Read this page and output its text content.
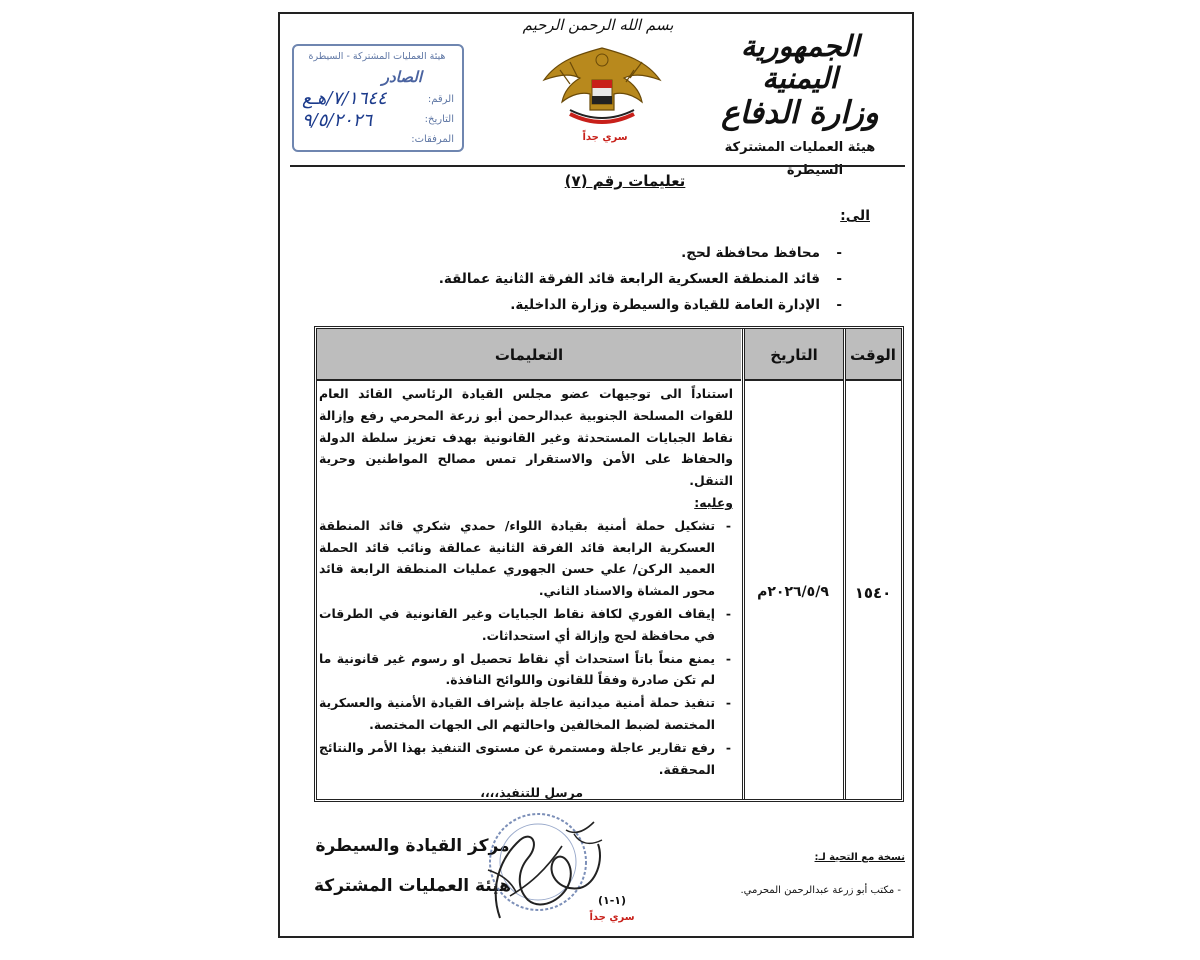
الجمهورية اليمنية
وزارة الدفاع
هيئة العمليات المشتركة
السيطرة
بسم الله الرحمن الرحيم
سري جداً
هيئة العمليات المشتركة - السيطرة
الصادر
الرقم:
٧/١٦٤٤/هـع
التاريخ:
٩/٥/٢٠٢٦
المرفقات:
تعليمات رقم (٧)
الى:
- محافظ محافظة لحج.
- قائد المنطقة العسكرية الرابعة قائد الفرقة الثانية عمالقة.
- الإدارة العامة للقيادة والسيطرة وزارة الداخلية.
الوقت
التاريخ
التعليمات
١٥٤٠
٢٠٢٦/٥/٩م

استناداً الى توجيهات عضو مجلس القيادة الرئاسي القائد العام للقوات المسلحة الجنوبية عبدالرحمن أبو زرعة المحرمي رفع وإزالة نقاط الجبايات المستحدثة وغير القانونية بهدف تعزيز سلطة الدولة والحفاظ على الأمن والاستقرار تمس مصالح المواطنين وحرية التنقل.

وعليه:

- تشكيل حملة أمنية بقيادة اللواء/ حمدي شكري قائد المنطقة العسكرية الرابعة قائد الفرقة الثانية عمالقة ونائب قائد الحملة العميد الركن/ علي حسن الجهوري عمليات المنطقة الرابعة قائد محور المشاة والاسناد الثاني.
- إيقاف الفوري لكافة نقاط الجبايات وغير القانونية في الطرقات في محافظة لحج وإزالة أي استحداثات.
- يمنع منعاً باتاً استحداث أي نقاط تحصيل او رسوم غير قانونية ما لم تكن صادرة وفقاً للقانون واللوائح النافذة.
- تنفيذ حملة أمنية ميدانية عاجلة بإشراف القيادة الأمنية والعسكرية المختصة لضبط المخالفين واحالتهم الى الجهات المختصة.
- رفع تقارير عاجلة ومستمرة عن مستوى التنفيذ بهذا الأمر والنتائج المحققة.

مرسل للتنفيذ،،،،

مركز القيادة والسيطرة
هيئة العمليات المشتركة
نسخة مع التحية لـ:
- مكتب أبو زرعة عبدالرحمن المحرمي.
(١-١)
سري جداً
